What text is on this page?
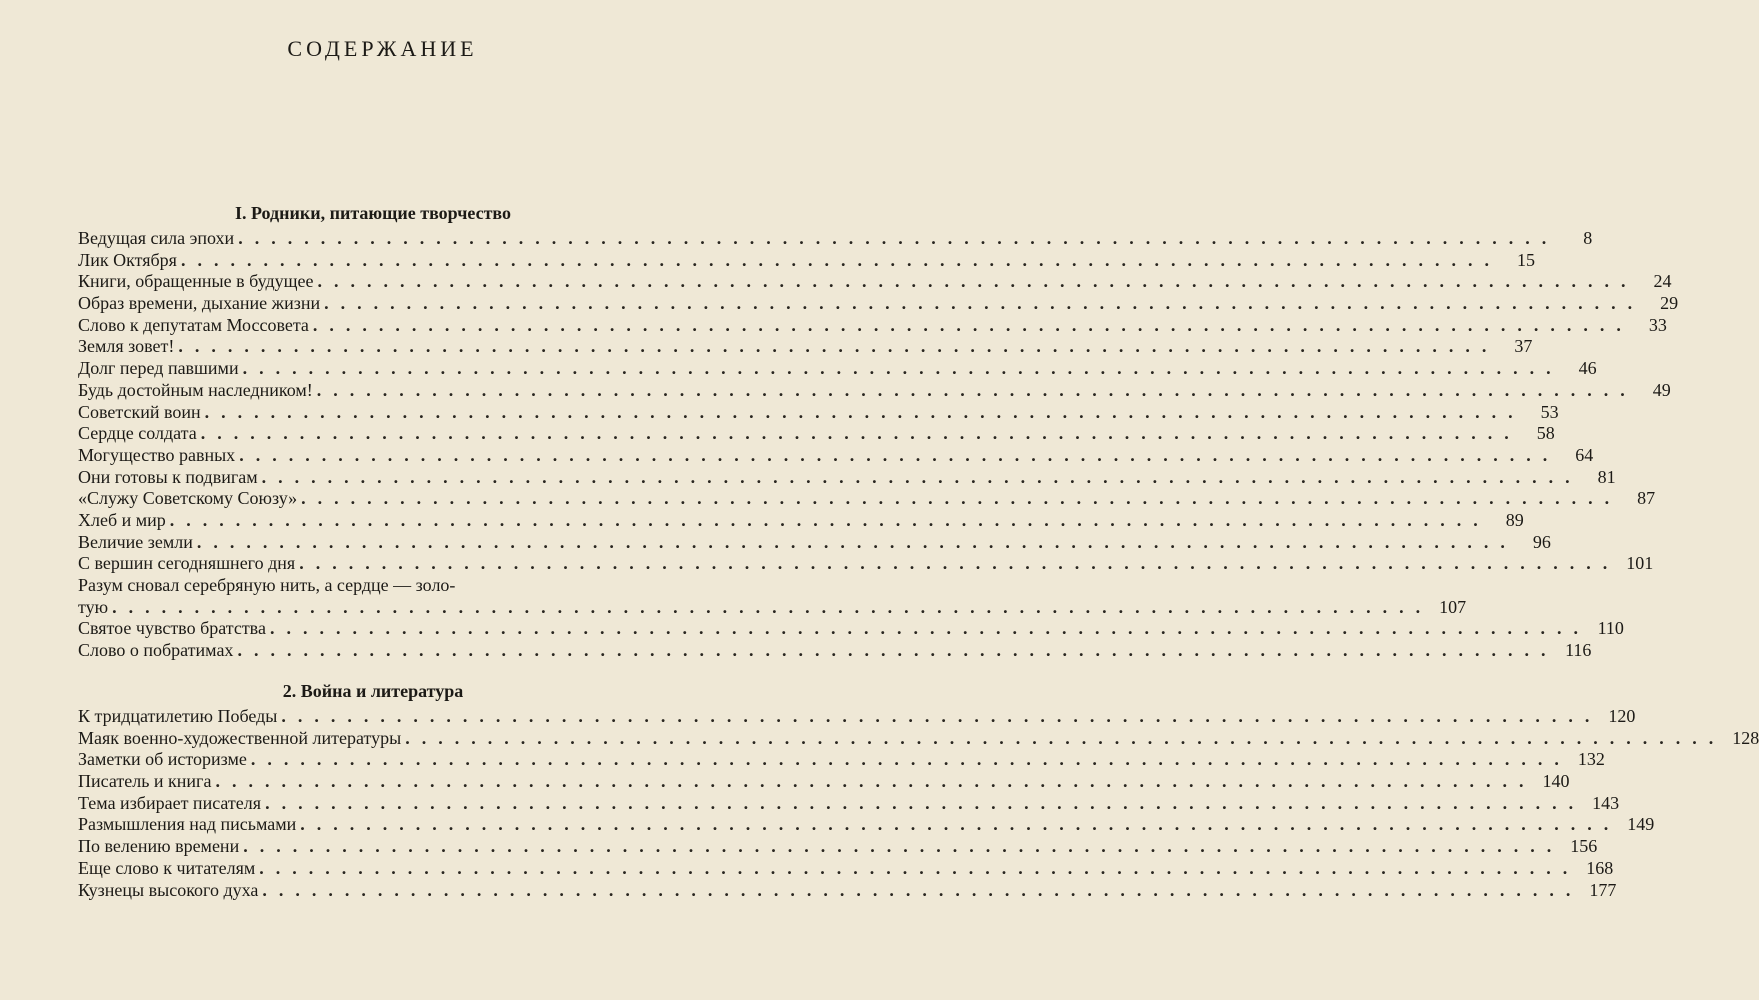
СОДЕРЖАНИЕ
I. Родники, питающие творчество
Ведущая сила эпохи ................................................................................	8
Лик Октября ................................................................................ 15
Книги, обращенные в будущее ................................................................................ 24
Образ времени, дыхание жизни ................................................................................ 29
Слово к депутатам Моссовета ................................................................................ 33
Земля зовет! ................................................................................ 37
Долг перед павшими ................................................................................ 46
Будь достойным наследником! ................................................................................ 49
Советский воин ................................................................................ 53
Сердце солдата ................................................................................ 58
Могущество равных ................................................................................ 64
Они готовы к подвигам ................................................................................ 81
«Служу Советскому Союзу» ................................................................................ 87
Хлеб и мир ................................................................................ 89
Величие земли ................................................................................ 96
С вершин сегодняшнего дня ................................................................................ 101
Разум сновал серебряную нить, а сердце — золо-
тую ................................................................................ 107
Святое чувство братства ................................................................................ 110
Слово о побратимах ................................................................................ 116
2. Война и литература
К тридцатилетию Победы ................................................................................ 120
Маяк военно-художественной литературы ................................................................................ 128
Заметки об историзме ................................................................................ 132
Писатель и книга ................................................................................ 140
Тема избирает писателя ................................................................................ 143
Размышления над письмами ................................................................................ 149
По велению времени ................................................................................ 156
Еще слово к читателям ................................................................................ 168
Кузнецы высокого духа ................................................................................ 177
